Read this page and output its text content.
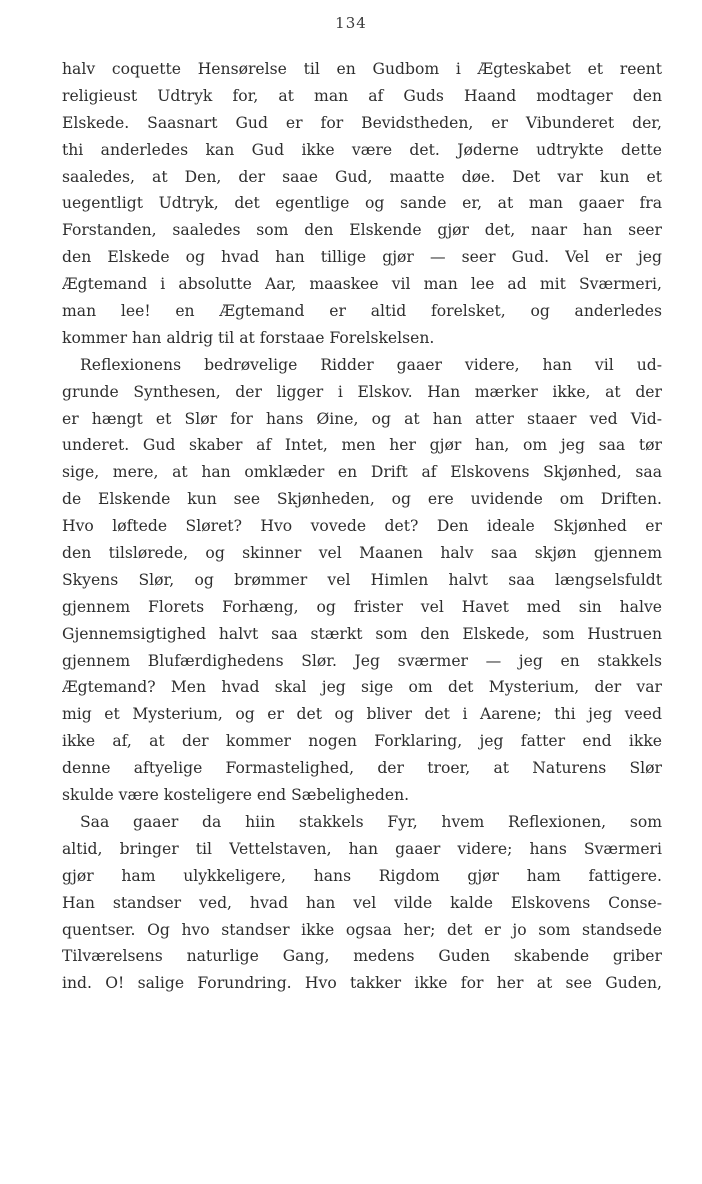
134
halv coquette Hensørelse til en Gudbom i Ægteskabet et reent
religieust Udtryk for, at man af Guds Haand modtager den
Elskede. Saasnart Gud er for Bevidstheden, er Vibunderet der,
thi anderledes kan Gud ikke være det. Jøderne udtrykte dette
saaledes, at Den, der saae Gud, maatte døe. Det var kun et
uegentligt Udtryk, det egentlige og sande er, at man gaaer fra
Forstanden, saaledes som den Elskende gjør det, naar han seer
den Elskede og hvad han tillige gjør — seer Gud. Vel er jeg
Ægtemand i absolutte Aar, maaskee vil man lee ad mit Sværmeri,
man lee! en Ægtemand er altid forelsket, og anderledes
kommer han aldrig til at forstaae Forelskelsen.
Reflexionens bedrøvelige Ridder gaaer videre, han vil ud-
grunde Synthesen, der ligger i Elskov. Han mærker ikke, at der
er hængt et Slør for hans Øine, og at han atter staaer ved Vid-
underet. Gud skaber af Intet, men her gjør han, om jeg saa tør
sige, mere, at han omklæder en Drift af Elskovens Skjønhed, saa
de Elskende kun see Skjønheden, og ere uvidende om Driften.
Hvo løftede Sløret? Hvo vovede det? Den ideale Skjønhed er
den tilslørede, og skinner vel Maanen halv saa skjøn gjennem
Skyens Slør, og brømmer vel Himlen halvt saa længselsfuldt
gjennem Florets Forhæng, og frister vel Havet med sin halve
Gjennemsigtighed halvt saa stærkt som den Elskede, som Hustruen
gjennem Blufærdighedens Slør. Jeg sværmer — jeg en stakkels
Ægtemand? Men hvad skal jeg sige om det Mysterium, der var
mig et Mysterium, og er det og bliver det i Aarene; thi jeg veed
ikke af, at der kommer nogen Forklaring, jeg fatter end ikke
denne aftyelige Formastelighed, der troer, at Naturens Slør
skulde være kosteligere end Sæbeligheden.
Saa gaaer da hiin stakkels Fyr, hvem Reflexionen, som
altid, bringer til Vettelstaven, han gaaer videre; hans Sværmeri
gjør ham ulykkeligere, hans Rigdom gjør ham fattigere.
Han standser ved, hvad han vel vilde kalde Elskovens Conse-
quentser. Og hvo standser ikke ogsaa her; det er jo som standsede
Tilværelsens naturlige Gang, medens Guden skabende griber
ind. O! salige Forundring. Hvo takker ikke for her at see Guden,
